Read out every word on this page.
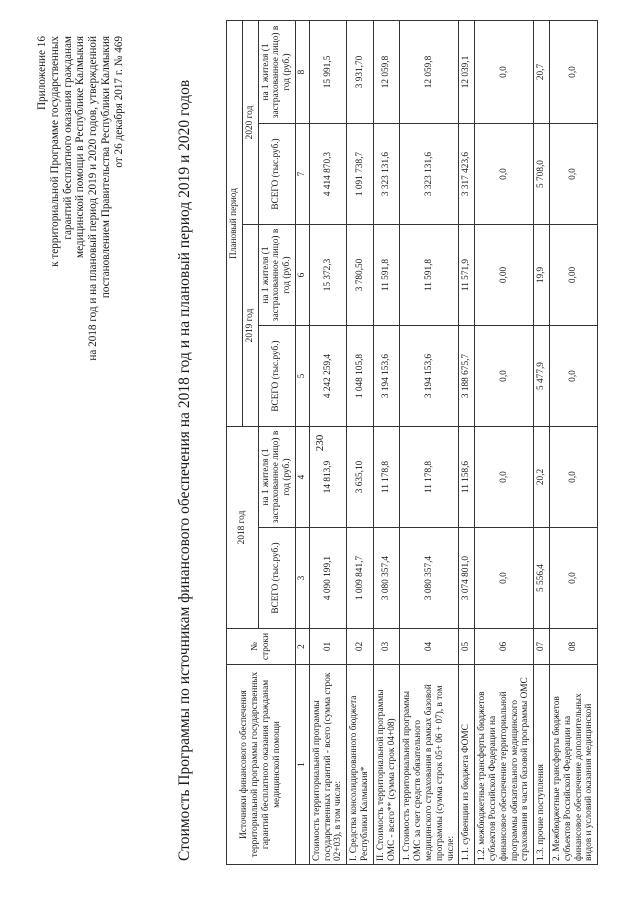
230
Приложение 16 к территориальной Программе государственных гарантий бесплатного оказания гражданам медицинской помощи в Республике Калмыкия на 2018 год и на плановый период 2019 и 2020 годов, утвержденной постановлением Правительства Республики Калмыкия от 26 декабря 2017 г. № 469	Стоимость Программы по источникам финансового обеспечения на 2018 год и на плановый период 2019 и 2020 годов	Источники финансового обеспечения территориальной программы государственных гарантий бесплатного оказания гражданам медицинской помощи	№ строки	2018 год		Плановый период			
				2019 год		2020 год	
		ВСЕГО (тыс.руб.)	на 1 жителя (1 застрахованное лицо) в год (руб.)	ВСЕГО (тыс.руб.)	на 1 жителя (1 застрахованное лицо) в год (руб.)	ВСЕГО (тыс.руб.)	на 1 жителя (1 застрахованное лицо) в год (руб.)
1	2	3	4	5	6	7	8
Стоимость территориальной программы государственных гарантий - всего (сумма строк 02+03), в том числе:	01	4 090 199,1	14 813,9	4 242 259,4	15 372,3	4 414 870,3	15 991,5
I. Средства консолидированного бюджета Республики Калмыкия*	02	1 009 841,7	3 635,10	1 048 105,8	3 780,50	1 091 738,7	3 931,70
II. Стоимость территориальной программы ОМС - всего** (сумма строк 04+08)	03	3 080 357,4	11 178,8	3 194 153,6	11 591,8	3 323 131,6	12 059,8
1. Стоимость территориальной программы ОМС за счет средств обязательного медицинского страхования в рамках базовой программы (сумма строк 05+ 06 + 07), в том числе:	04	3 080 357,4	11 178,8	3 194 153,6	11 591,8	3 323 131,6	12 059,8
1.1. субвенции из бюджета ФОМС	05	3 074 801,0	11 158,6	3 188 675,7	11 571,9	3 317 423,6	12 039,1
1.2. межбюджетные трансферты бюджетов субъектов Российской Федерации на финансовое обеспечение территориальной программы обязательного медицинского страхования в части базовой программы ОМС	06	0,0	0,0	0,0	0,00	0,0	0,0
1.3. прочие поступления	07	5 556,4	20,2	5 477,9	19,9	5 708,0	20,7
2. Межбюджетные трансферты бюджетов субъектов Российской Федерации на финансовое обеспечение дополнительных видов и условий оказания медицинской	08	0,0	0,0	0,0	0,00	0,0	0,0
